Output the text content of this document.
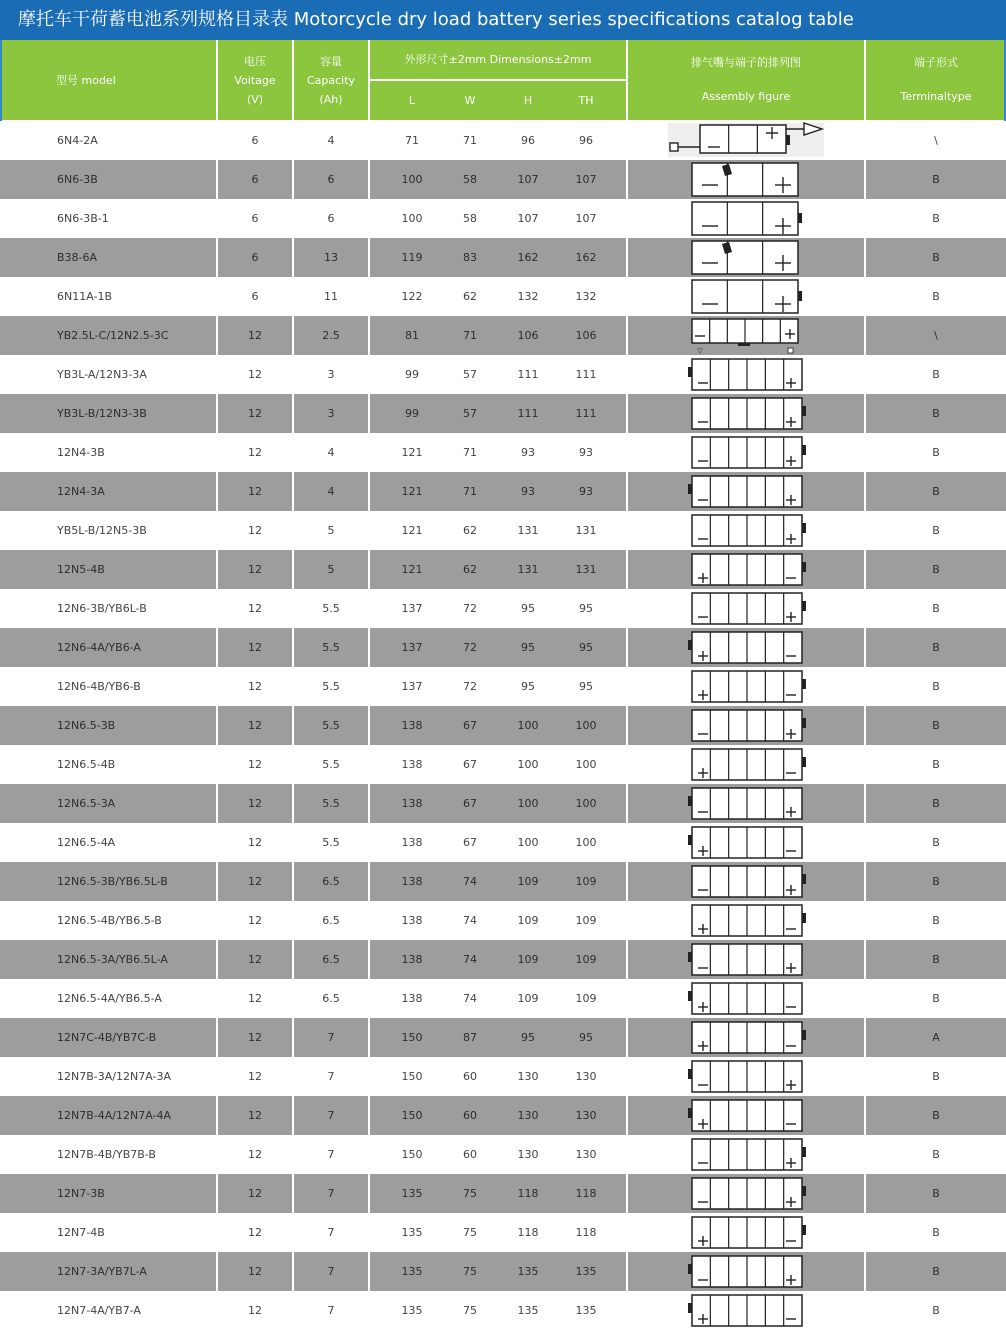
摩托车干荷蓄电池系列规格目录表 Motorcycle dry load battery series specifications catalog table
型号 model
电压
Voitage
(V)
容量
Capacity
(Ah)
外形尺寸±2mm Dimensions±2mm
L	W	H	TH
排气嘴与端子的排列图
Assembly figure
端子形式
Terminaltype
6N4-2A	6	4	71	71	96	96	\
6N6-3B	6	6	100	58	107	107	B
6N6-3B-1	6	6	100	58	107	107	B
B38-6A	6	13	119	83	162	162	B
6N11A-1B	6	11	122	62	132	132	B
YB2.5L-C/12N2.5-3C	12	2.5	81	71	106	106	\
▽
YB3L-A/12N3-3A	12	3	99	57	111	111	B
YB3L-B/12N3-3B	12	3	99	57	111	111	B
12N4-3B	12	4	121	71	93	93	B
12N4-3A	12	4	121	71	93	93	B
YB5L-B/12N5-3B	12	5	121	62	131	131	B
12N5-4B	12	5	121	62	131	131	B
12N6-3B/YB6L-B	12	5.5	137	72	95	95	B
12N6-4A/YB6-A	12	5.5	137	72	95	95	B
12N6-4B/YB6-B	12	5.5	137	72	95	95	B
12N6.5-3B	12	5.5	138	67	100	100	B
12N6.5-4B	12	5.5	138	67	100	100	B
12N6.5-3A	12	5.5	138	67	100	100	B
12N6.5-4A	12	5.5	138	67	100	100	B
12N6.5-3B/YB6.5L-B	12	6.5	138	74	109	109	B
12N6.5-4B/YB6.5-B	12	6.5	138	74	109	109	B
12N6.5-3A/YB6.5L-A	12	6.5	138	74	109	109	B
12N6.5-4A/YB6.5-A	12	6.5	138	74	109	109	B
12N7C-4B/YB7C-B	12	7	150	87	95	95	A
12N7B-3A/12N7A-3A	12	7	150	60	130	130	B
12N7B-4A/12N7A-4A	12	7	150	60	130	130	B
12N7B-4B/YB7B-B	12	7	150	60	130	130	B
12N7-3B	12	7	135	75	118	118	B
12N7-4B	12	7	135	75	118	118	B
12N7-3A/YB7L-A	12	7	135	75	135	135	B
12N7-4A/YB7-A	12	7	135	75	135	135	B
